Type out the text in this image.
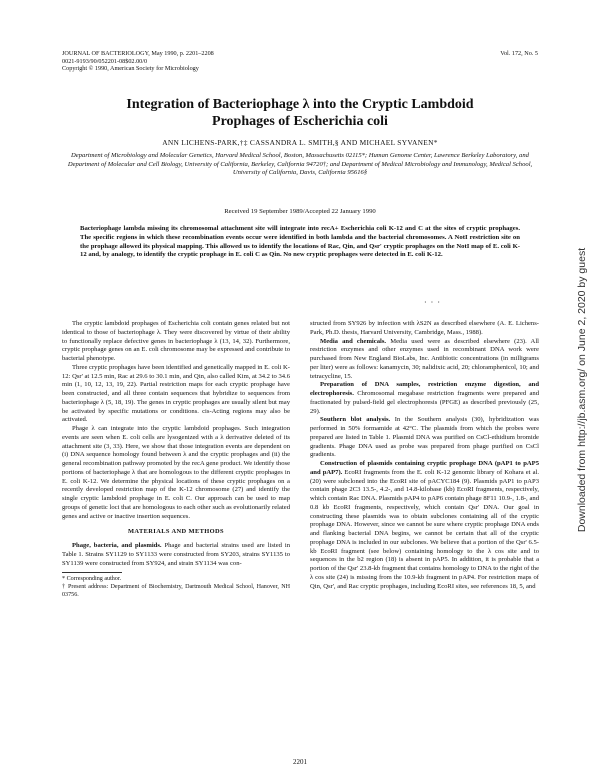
JOURNAL OF BACTERIOLOGY, May 1990, p. 2201–2208
0021-9193/90/052201-08$02.00/0
Copyright © 1990, American Society for Microbiology
Vol. 172, No. 5
Integration of Bacteriophage λ into the Cryptic Lambdoid
Prophages of Escherichia coli
ANN LICHENS-PARK,†‡ CASSANDRA L. SMITH,§ AND MICHAEL SYVANEN*
Department of Microbiology and Molecular Genetics, Harvard Medical School, Boston, Massachusetts 02115*; Human Genome Center, Lawrence Berkeley Laboratory, and Department of Molecular and Cell Biology, University of California, Berkeley, California 94720†; and Department of Medical Microbiology and Immunology, Medical School, University of California, Davis, California 95616§
Received 19 September 1989/Accepted 22 January 1990
Bacteriophage lambda missing its chromosomal attachment site will integrate into recA+ Escherichia coli K-12 and C at the sites of cryptic prophages. The specific regions in which these recombination events occur were identified in both lambda and the bacterial chromosomes. A NotI restriction site on the prophage allowed its physical mapping. This allowed us to identify the locations of Rac, Qin, and Qsr' cryptic prophages on the NotI map of E. coli K-12 and, by analogy, to identify the cryptic prophage in E. coli C as Qin. No new cryptic prophages were detected in E. coli K-12.
· · ·

The cryptic lambdoid prophages of Escherichia coli contain genes related but not identical to those of bacteriophage λ. They were discovered by virtue of their ability to functionally replace defective genes in bacteriophage λ (13, 14, 32). Furthermore, cryptic prophage genes on an E. coli chromosome may be expressed and contribute to bacterial phenotype.

Three cryptic prophages have been identified and genetically mapped in E. coli K-12: Qsr' at 12.5 min, Rac at 29.6 to 30.1 min, and Qin, also called Kim, at 34.2 to 34.6 min (1, 10, 12, 13, 19, 22). Partial restriction maps for each cryptic prophage have been constructed, and all three contain sequences that hybridize to sequences from bacteriophage λ (5, 18, 19). The genes in cryptic prophages are usually silent but may be activated by specific mutations or conditions. cis-Acting regions may also be activated.

Phage λ can integrate into the cryptic lambdoid prophages. Such integration events are seen when E. coli cells are lysogenized with a λ derivative deleted of its attachment site (3, 33). Here, we show that those integration events are dependent on (i) DNA sequence homology found between λ and the cryptic prophages and (ii) the general recombination pathway promoted by the recA gene product. We identify those portions of bacteriophage λ that are homologous to the different cryptic prophages in E. coli K-12. We determine the physical locations of these cryptic prophages on a recently developed restriction map of the K-12 chromosome (27) and identify the single cryptic lambdoid prophage in E. coli C. Our approach can be used to map groups of genetic loci that are homologous to each other such as evolutionarily related genes and active or inactive insertion sequences.

MATERIALS AND METHODS

Phage, bacteria, and plasmids. Phage and bacterial strains used are listed in Table 1. Strains SY1129 to SY1133 were constructed from SY203, strains SY1135 to SY1139 were constructed from SY924, and strain SY1134 was con-

* Corresponding author.
† Present address: Department of Biochemistry, Dartmouth Medical School, Hanover, NH 03756.

structed from SY926 by infection with λS2N as described elsewhere (A. E. Lichens-Park, Ph.D. thesis, Harvard University, Cambridge, Mass., 1988).

Media and chemicals. Media used were as described elsewhere (23). All restriction enzymes and other enzymes used in recombinant DNA work were purchased from New England BioLabs, Inc. Antibiotic concentrations (in milligrams per liter) were as follows: kanamycin, 30; nalidixic acid, 20; chloramphenicol, 10; and tetracycline, 15.

Preparation of DNA samples, restriction enzyme digestion, and electrophoresis. Chromosomal megabase restriction fragments were prepared and fractionated by pulsed-field gel electrophoresis (PFGE) as described previously (25, 29).

Southern blot analysis. In the Southern analysis (30), hybridization was performed in 50% formamide at 42°C. The plasmids from which the probes were prepared are listed in Table 1. Plasmid DNA was purified on CsCl-ethidium bromide gradients. Phage DNA used as probe was prepared from phage purified on CsCl gradients.

Construction of plasmids containing cryptic prophage DNA (pAP1 to pAP5 and pAP7). EcoRI fragments from the E. coli K-12 genomic library of Kohara et al. (20) were subcloned into the EcoRI site of pACYC184 (9). Plasmids pAP1 to pAP3 contain phage 2C3 13.5-, 4.2-, and 14.8-kilobase (kb) EcoRI fragments, respectively, which contain Rac DNA. Plasmids pAP4 to pAP6 contain phage 8F11 10.9-, 1.8-, and 0.8 kb EcoRI fragments, respectively, which contain Qsr' DNA. Our goal in constructing these plasmids was to obtain subclones containing all of the cryptic prophage DNA. However, since we cannot be sure where cryptic prophage DNA ends and flanking bacterial DNA begins, we cannot be certain that all of the cryptic prophage DNA is included in our subclones. We believe that a portion of the Qsr' 6.5-kb EcoRI fragment (see below) containing homology to the λ cos site and to sequences in the b2 region (18) is absent in pAP5. In addition, it is probable that a portion of the Qsr' 23.8-kb fragment that contains homology to DNA to the right of the λ cos site (24) is missing from the 10.9-kb fragment in pAP4. For restriction maps of Qin, Qsr', and Rac cryptic prophages, including EcoRI sites, see references 18, 5, and

2201
Downloaded from http://jb.asm.org/ on June 2, 2020 by guest
